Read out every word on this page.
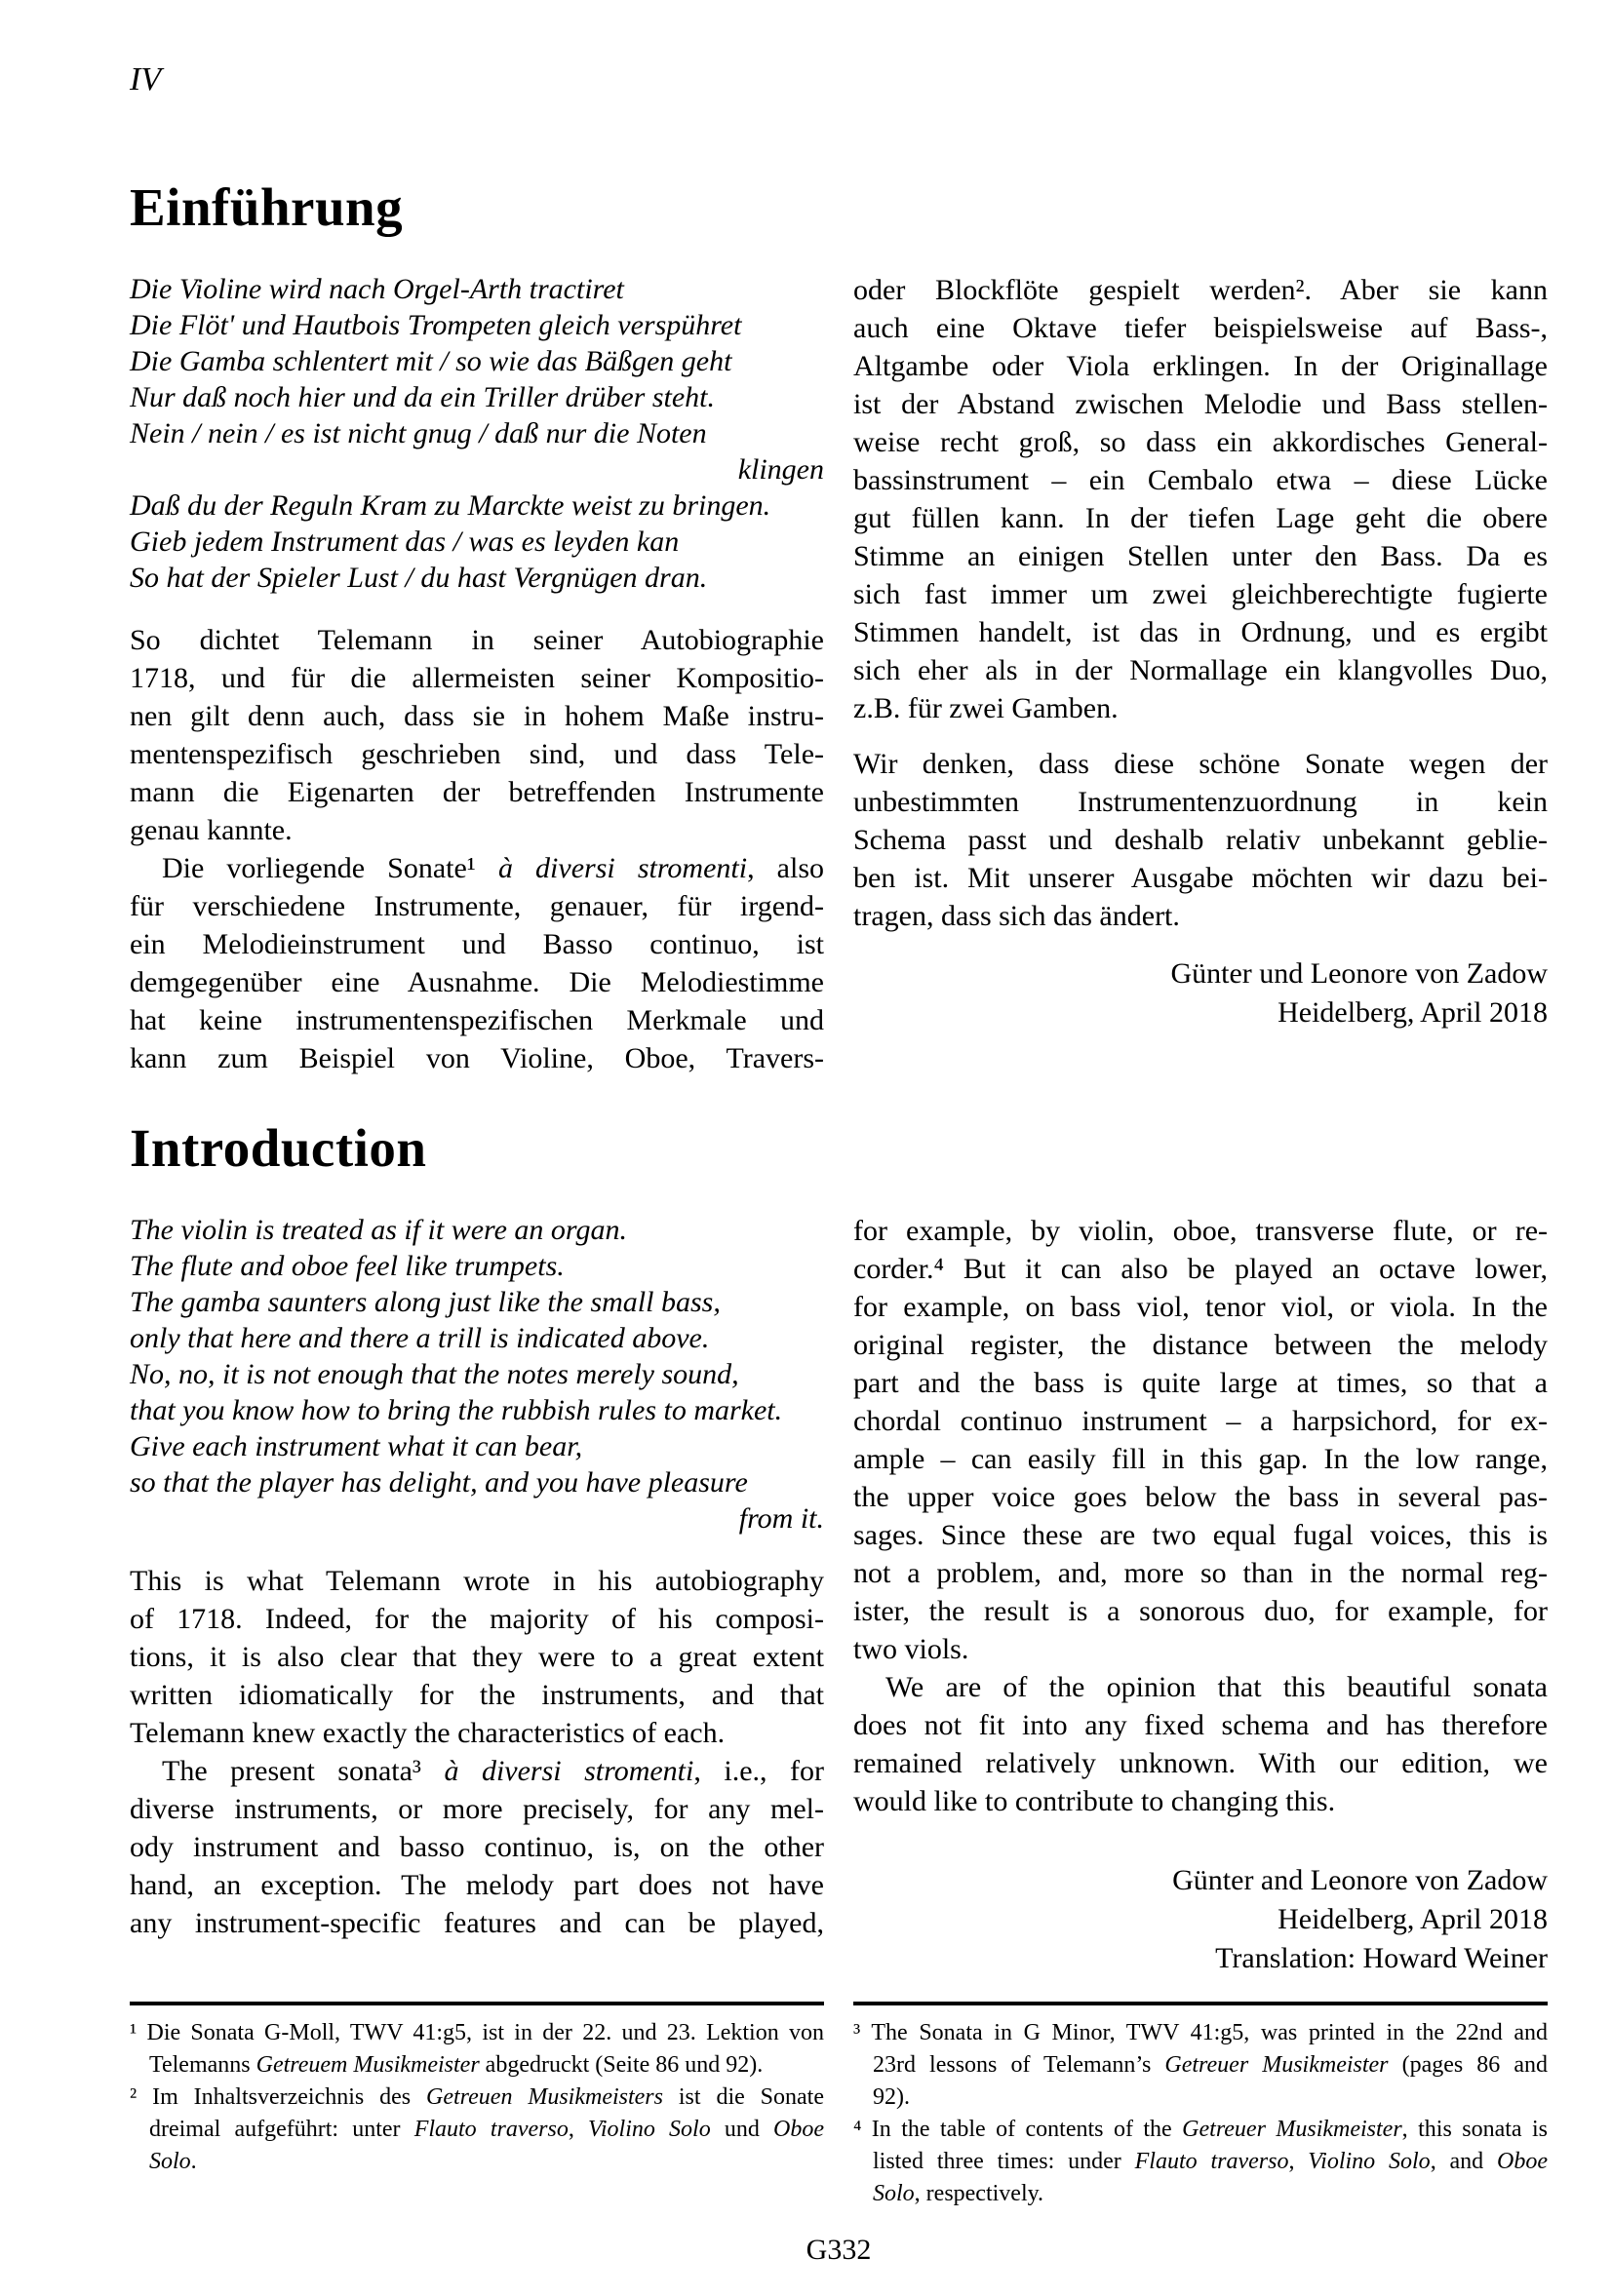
IV
Einführung
Die Violine wird nach Orgel-Arth tractiret
Die Flöt' und Hautbois Trompeten gleich verspühret
Die Gamba schlentert mit / so wie das Bäßgen geht
Nur daß noch hier und da ein Triller drüber steht.
Nein / nein / es ist nicht gnug / daß nur die Noten
klingen
Daß du der Reguln Kram zu Marckte weist zu bringen.
Gieb jedem Instrument das / was es leyden kan
So hat der Spieler Lust / du hast Vergnügen dran.
So dichtet Telemann in seiner Autobiographie
1718, und für die allermeisten seiner Kompositio-
nen gilt denn auch, dass sie in hohem Maße instru-
mentenspezifisch geschrieben sind, und dass Tele-
mann die Eigenarten der betreffenden Instrumente
genau kannte.
Die vorliegende Sonate¹ à diversi stromenti, also
für verschiedene Instrumente, genauer, für irgend-
ein Melodieinstrument und Basso continuo, ist
demgegenüber eine Ausnahme. Die Melodiestimme
hat keine instrumentenspezifischen Merkmale und
kann zum Beispiel von Violine, Oboe, Travers-
oder Blockflöte gespielt werden². Aber sie kann
auch eine Oktave tiefer beispielsweise auf Bass-,
Altgambe oder Viola erklingen. In der Originallage
ist der Abstand zwischen Melodie und Bass stellen-
weise recht groß, so dass ein akkordisches General-
bassinstrument – ein Cembalo etwa – diese Lücke
gut füllen kann. In der tiefen Lage geht die obere
Stimme an einigen Stellen unter den Bass. Da es
sich fast immer um zwei gleichberechtigte fugierte
Stimmen handelt, ist das in Ordnung, und es ergibt
sich eher als in der Normallage ein klangvolles Duo,
z.B. für zwei Gamben.
Wir denken, dass diese schöne Sonate wegen der
unbestimmten Instrumentenzuordnung in kein
Schema passt und deshalb relativ unbekannt geblie-
ben ist. Mit unserer Ausgabe möchten wir dazu bei-
tragen, dass sich das ändert.
Günter und Leonore von Zadow
Heidelberg, April 2018
Introduction
The violin is treated as if it were an organ.
The flute and oboe feel like trumpets.
The gamba saunters along just like the small bass,
only that here and there a trill is indicated above.
No, no, it is not enough that the notes merely sound,
that you know how to bring the rubbish rules to market.
Give each instrument what it can bear,
so that the player has delight, and you have pleasure
from it.
This is what Telemann wrote in his autobiography
of 1718. Indeed, for the majority of his composi-
tions, it is also clear that they were to a great extent
written idiomatically for the instruments, and that
Telemann knew exactly the characteristics of each.
The present sonata³ à diversi stromenti, i.e., for
diverse instruments, or more precisely, for any mel-
ody instrument and basso continuo, is, on the other
hand, an exception. The melody part does not have
any instrument-specific features and can be played,
for example, by violin, oboe, transverse flute, or re-
corder.⁴ But it can also be played an octave lower,
for example, on bass viol, tenor viol, or viola. In the
original register, the distance between the melody
part and the bass is quite large at times, so that a
chordal continuo instrument – a harpsichord, for ex-
ample – can easily fill in this gap. In the low range,
the upper voice goes below the bass in several pas-
sages. Since these are two equal fugal voices, this is
not a problem, and, more so than in the normal reg-
ister, the result is a sonorous duo, for example, for
two viols.
We are of the opinion that this beautiful sonata
does not fit into any fixed schema and has therefore
remained relatively unknown. With our edition, we
would like to contribute to changing this.
Günter and Leonore von Zadow
Heidelberg, April 2018
Translation: Howard Weiner
¹ Die Sonata G-Moll, TWV 41:g5, ist in der 22. und 23. Lektion von
Telemanns Getreuem Musikmeister abgedruckt (Seite 86 und 92).
² Im Inhaltsverzeichnis des Getreuen Musikmeisters ist die Sonate
dreimal aufgeführt: unter Flauto traverso, Violino Solo und Oboe
Solo.
³ The Sonata in G Minor, TWV 41:g5, was printed in the 22nd and
23rd lessons of Telemann’s Getreuer Musikmeister (pages 86 and
92).
⁴ In the table of contents of the Getreuer Musikmeister, this sonata is
listed three times: under Flauto traverso, Violino Solo, and Oboe
Solo, respectively.
G332
